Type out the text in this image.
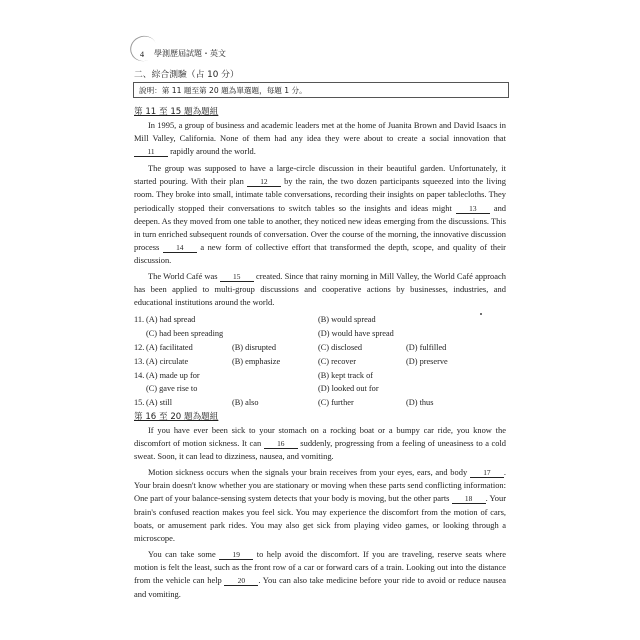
4	學測歷屆試題・英文
二、綜合測驗（占 10 分）
說明：第 11 題至第 20 題為單選題，每題 1 分。
第 11 至 15 題為題組
In 1995, a group of business and academic leaders met at the home of Juanita Brown and David Isaacs in Mill Valley, California. None of them had any idea they were about to create a social innovation that 11 rapidly around the world.
The group was supposed to have a large-circle discussion in their beautiful garden. Unfortunately, it started pouring. With their plan 12 by the rain, the two dozen participants squeezed into the living room. They broke into small, intimate table conversations, recording their insights on paper tablecloths. They periodically stopped their conversations to switch tables so the insights and ideas might 13 and deepen. As they moved from one table to another, they noticed new ideas emerging from the discussions. This in turn enriched subsequent rounds of conversation. Over the course of the morning, the innovative discussion process 14 a new form of collective effort that transformed the depth, scope, and quality of their discussion.
The World Café was 15 created. Since that rainy morning in Mill Valley, the World Café approach has been applied to multi-group discussions and cooperative actions by businesses, industries, and educational institutions around the world.
11. (A) had spread	(B) would spread
(C) had been spreading	(D) would have spread
12. (A) facilitated	(B) disrupted	(C) disclosed	(D) fulfilled
13. (A) circulate	(B) emphasize	(C) recover	(D) preserve
14. (A) made up for	(B) kept track of
(C) gave rise to	(D) looked out for
15. (A) still	(B) also	(C) further	(D) thus
第 16 至 20 題為題組
If you have ever been sick to your stomach on a rocking boat or a bumpy car ride, you know the discomfort of motion sickness. It can 16 suddenly, progressing from a feeling of uneasiness to a cold sweat. Soon, it can lead to dizziness, nausea, and vomiting.
Motion sickness occurs when the signals your brain receives from your eyes, ears, and body 17 . Your brain doesn't know whether you are stationary or moving when these parts send conflicting information: One part of your balance-sensing system detects that your body is moving, but the other parts 18 . Your brain's confused reaction makes you feel sick. You may experience the discomfort from the motion of cars, boats, or amusement park rides. You may also get sick from playing video games, or looking through a microscope.
You can take some 19 to help avoid the discomfort. If you are traveling, reserve seats where motion is felt the least, such as the front row of a car or forward cars of a train. Looking out into the distance from the vehicle can help 20 . You can also take medicine before your ride to avoid or reduce nausea and vomiting.
